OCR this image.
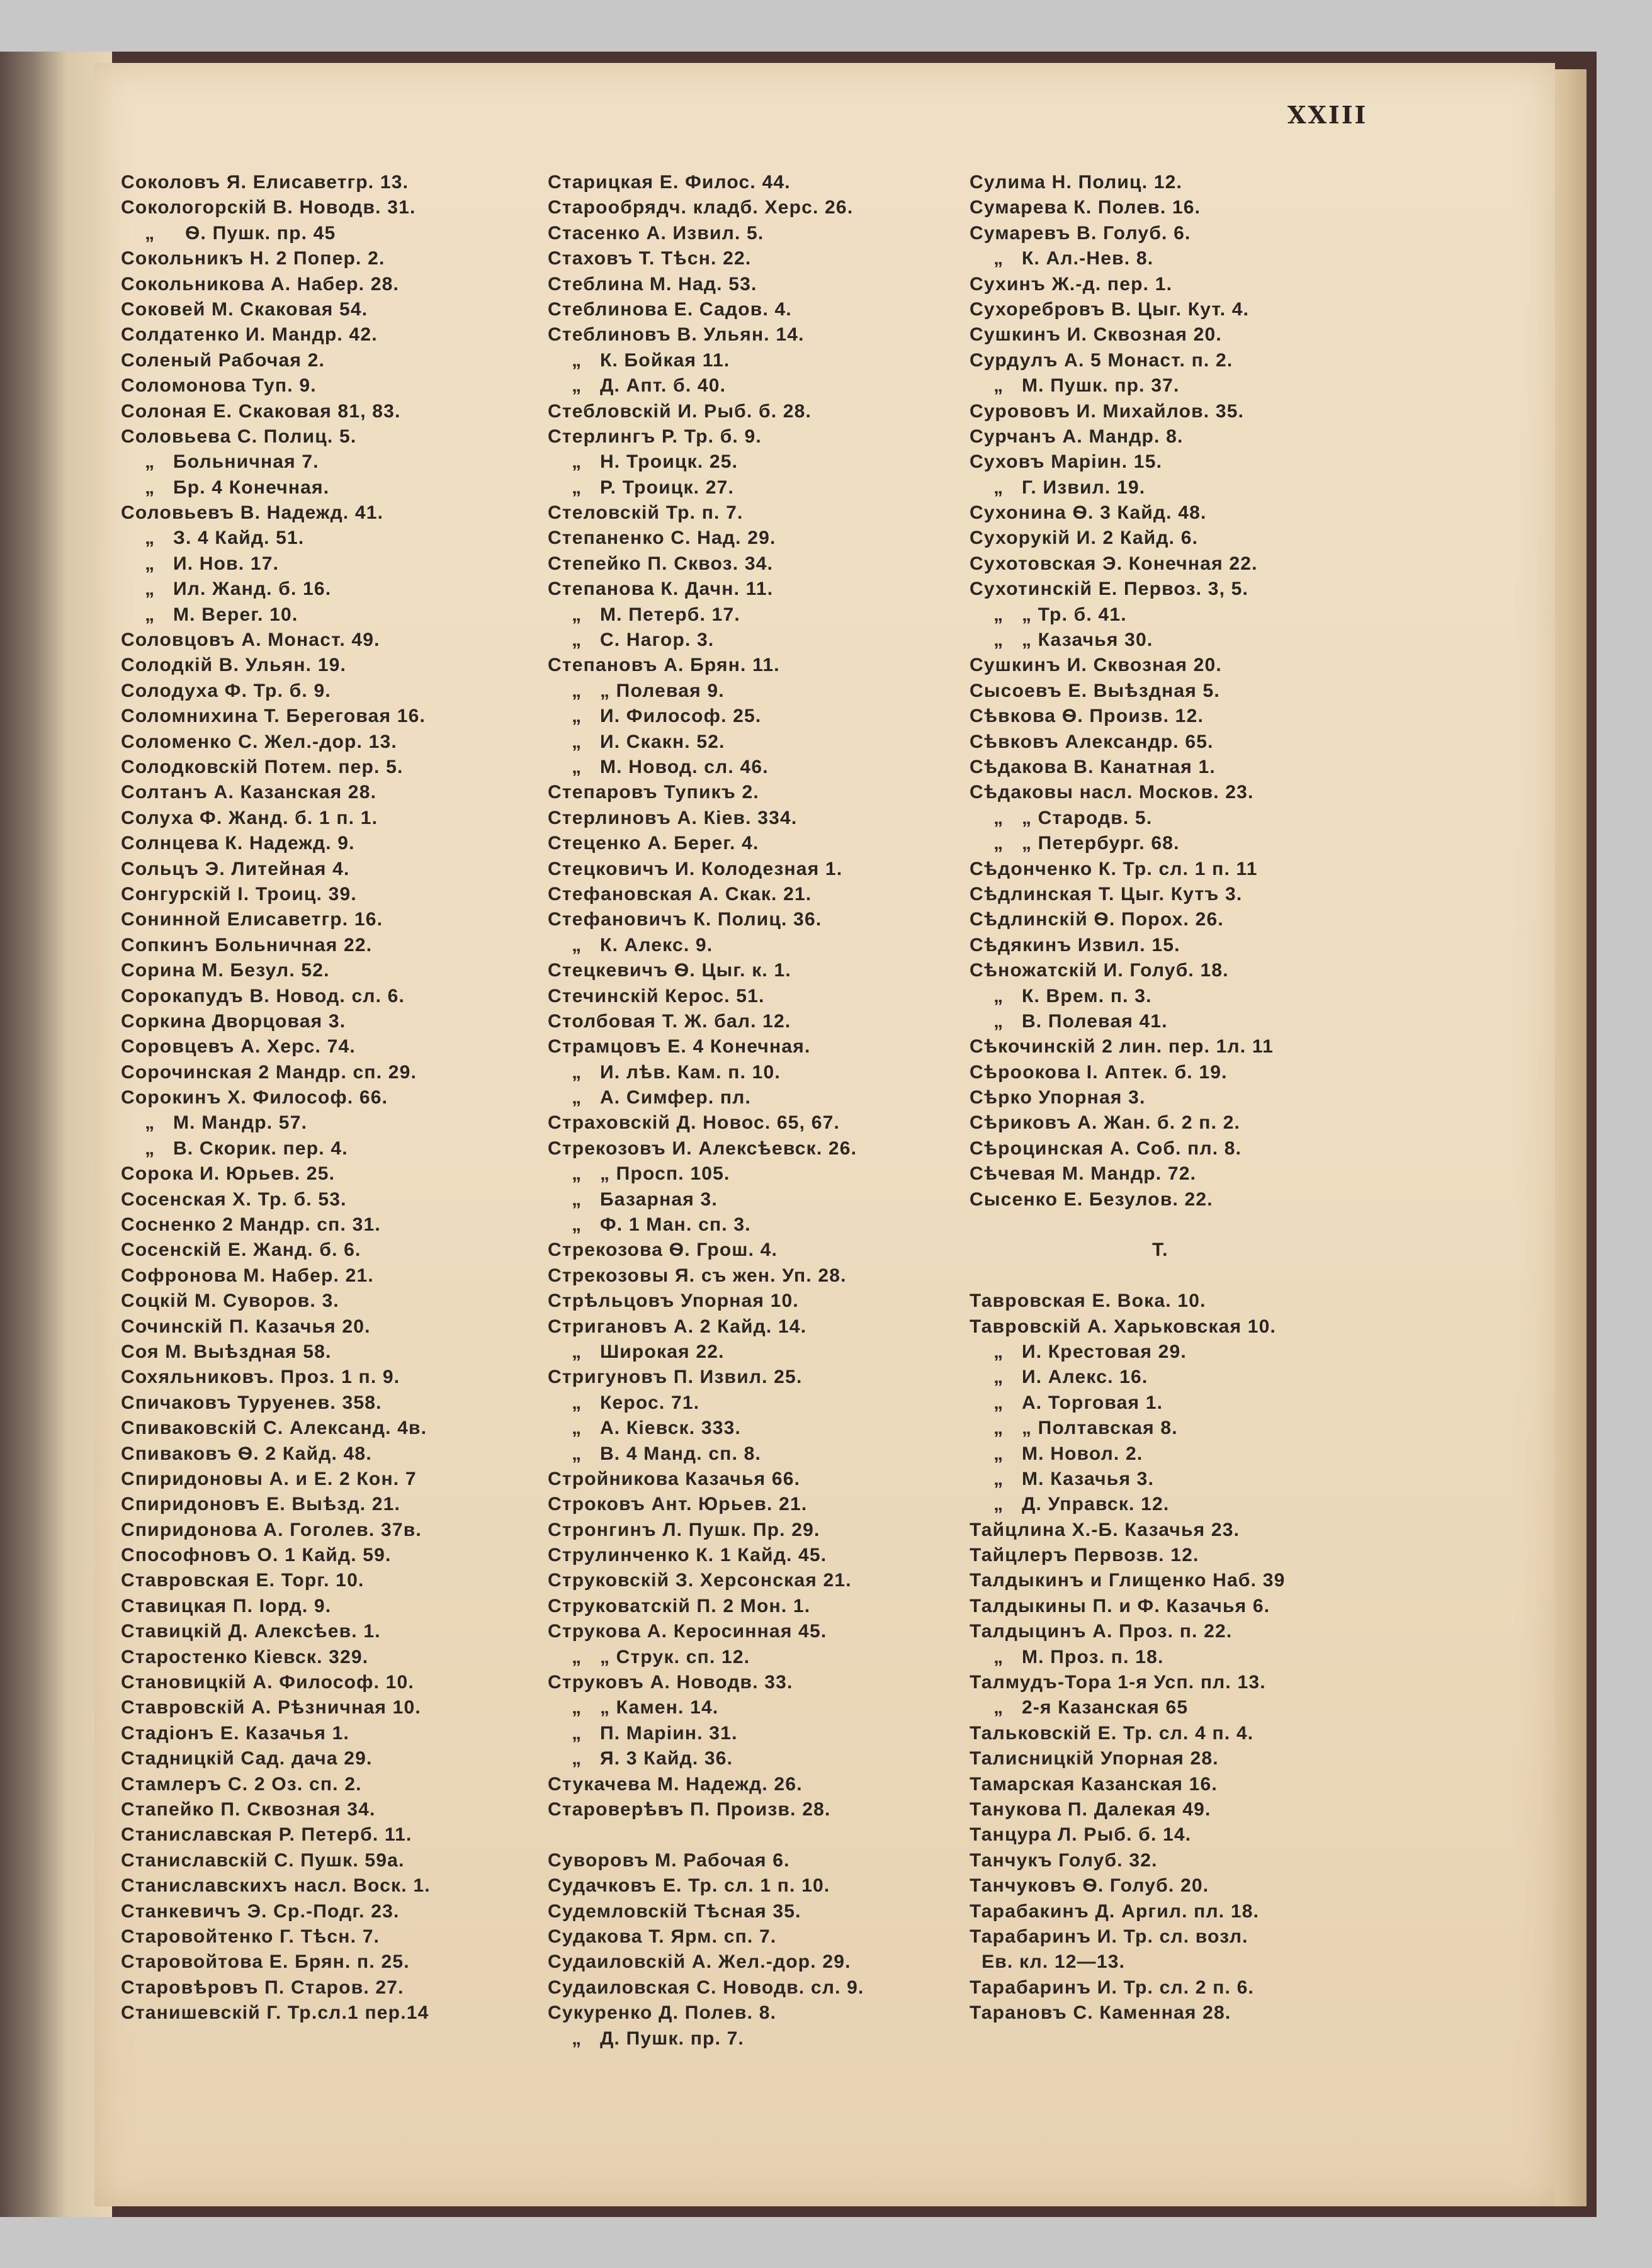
XXIII
Соколовъ Я. Елисаветгр. 13.
Сокологорскій В. Новодв. 31.
„     Ѳ. Пушк. пр. 45
Сокольникъ Н. 2 Попер. 2.
Сокольникова А. Набер. 28.
Соковей М. Скаковая 54.
Солдатенко И. Мандр. 42.
Соленый Рабочая 2.
Соломонова Туп. 9.
Солоная Е. Скаковая 81, 83.
Соловьева С. Полиц. 5.
„   Больничная 7.
„   Бр. 4 Конечная.
Соловьевъ В. Надежд. 41.
„   З. 4 Кайд. 51.
„   И. Нов. 17.
„   Ил. Жанд. б. 16.
„   М. Верег. 10.
Соловцовъ А. Монаст. 49.
Солодкій В. Ульян. 19.
Солодуха Ф. Тр. б. 9.
Соломнихина Т. Береговая 16.
Соломенко С. Жел.-дор. 13.
Солодковскій Потем. пер. 5.
Солтанъ А. Казанская 28.
Солуха Ф. Жанд. б. 1 п. 1.
Солнцева К. Надежд. 9.
Сольцъ Э. Литейная 4.
Сонгурскій І. Троиц. 39.
Сонинной Елисаветгр. 16.
Сопкинъ Больничная 22.
Сорина М. Безул. 52.
Сорокапудъ В. Новод. сл. 6.
Соркина Дворцовая 3.
Соровцевъ А. Херс. 74.
Сорочинская 2 Мандр. сп. 29.
Сорокинъ Х. Философ. 66.
„   М. Мандр. 57.
„   В. Скорик. пер. 4.
Сорока И. Юрьев. 25.
Сосенская Х. Тр. б. 53.
Сосненко 2 Мандр. сп. 31.
Сосенскій Е. Жанд. б. 6.
Софронова М. Набер. 21.
Соцкій М. Суворов. 3.
Сочинскій П. Казачья 20.
Соя М. Выѣздная 58.
Сохяльниковъ. Проз. 1 п. 9.
Спичаковъ Туруенев. 358.
Спиваковскій С. Александ. 4в.
Спиваковъ Ѳ. 2 Кайд. 48.
Спиридоновы А. и Е. 2 Кон. 7
Спиридоновъ Е. Выѣзд. 21.
Спиридонова А. Гоголев. 37в.
Спософновъ О. 1 Кайд. 59.
Ставровская Е. Торг. 10.
Ставицкая П. Іорд. 9.
Ставицкій Д. Алексѣев. 1.
Старостенко Кіевск. 329.
Становицкій А. Философ. 10.
Ставровскій А. Рѣзничная 10.
Стадіонъ Е. Казачья 1.
Стадницкій Сад. дача 29.
Стамлеръ С. 2 Оз. сп. 2.
Стапейко П. Сквозная 34.
Станиславская Р. Петерб. 11.
Станиславскій С. Пушк. 59а.
Станиславскихъ насл. Воск. 1.
Станкевичъ Э. Ср.-Подг. 23.
Старовойтенко Г. Тѣсн. 7.
Старовойтова Е. Брян. п. 25.
Старовѣровъ П. Старов. 27.
Станишевскій Г. Тр.сл.1 пер.14
Старицкая Е. Филос. 44.
Старообрядч. кладб. Херс. 26.
Стасенко А. Извил. 5.
Стаховъ Т. Тѣсн. 22.
Стеблина М. Над. 53.
Стеблинова Е. Садов. 4.
Стеблиновъ В. Ульян. 14.
„   К. Бойкая 11.
„   Д. Апт. б. 40.
Стебловскій И. Рыб. б. 28.
Стерлингъ Р. Тр. б. 9.
„   Н. Троицк. 25.
„   Р. Троицк. 27.
Стеловскій Тр. п. 7.
Степаненко С. Над. 29.
Степейко П. Сквоз. 34.
Степанова К. Дачн. 11.
„   М. Петерб. 17.
„   С. Нагор. 3.
Степановъ А. Брян. 11.
„   „ Полевая 9.
„   И. Философ. 25.
„   И. Скакн. 52.
„   М. Новод. сл. 46.
Степаровъ Тупикъ 2.
Стерлиновъ А. Кіев. 334.
Стеценко А. Берег. 4.
Стецковичъ И. Колодезная 1.
Стефановская А. Скак. 21.
Стефановичъ К. Полиц. 36.
„   К. Алекс. 9.
Стецкевичъ Ѳ. Цыг. к. 1.
Стечинскій Керос. 51.
Столбовая Т. Ж. бал. 12.
Страмцовъ Е. 4 Конечная.
„   И. лѣв. Кам. п. 10.
„   А. Симфер. пл.
Страховскій Д. Новос. 65, 67.
Стрекозовъ И. Алексѣевск. 26.
„   „ Просп. 105.
„   Базарная 3.
„   Ф. 1 Ман. сп. 3.
Стрекозова Ѳ. Грош. 4.
Стрекозовы Я. съ жен. Уп. 28.
Стрѣльцовъ Упорная 10.
Стригановъ А. 2 Кайд. 14.
„   Широкая 22.
Стригуновъ П. Извил. 25.
„   Керос. 71.
„   А. Кіевск. 333.
„   В. 4 Манд. сп. 8.
Стройникова Казачья 66.
Строковъ Ант. Юрьев. 21.
Стронгинъ Л. Пушк. Пр. 29.
Струлинченко К. 1 Кайд. 45.
Струковскій З. Херсонская 21.
Струковатскій П. 2 Мон. 1.
Струкова А. Керосинная 45.
„   „ Струк. сп. 12.
Струковъ А. Новодв. 33.
„   „ Камен. 14.
„   П. Маріин. 31.
„   Я. 3 Кайд. 36.
Стукачева М. Надежд. 26.
Староверѣвъ П. Произв. 28.
Суворовъ М. Рабочая 6.
Судачковъ Е. Тр. сл. 1 п. 10.
Судемловскій Тѣсная 35.
Судакова Т. Ярм. сп. 7.
Судаиловскій А. Жел.-дор. 29.
Судаиловская С. Новодв. сл. 9.
Сукуренко Д. Полев. 8.
„   Д. Пушк. пр. 7.
Сулима Н. Полиц. 12.
Сумарева К. Полев. 16.
Сумаревъ В. Голуб. 6.
„   К. Ал.-Нев. 8.
Сухинъ Ж.-д. пер. 1.
Сухоребровъ В. Цыг. Кут. 4.
Сушкинъ И. Сквозная 20.
Сурдулъ А. 5 Монаст. п. 2.
„   М. Пушк. пр. 37.
Сурововъ И. Михайлов. 35.
Сурчанъ А. Мандр. 8.
Суховъ Маріин. 15.
„   Г. Извил. 19.
Сухонина Ѳ. 3 Кайд. 48.
Сухорукій И. 2 Кайд. 6.
Сухотовская Э. Конечная 22.
Сухотинскій Е. Первоз. 3, 5.
„   „ Тр. б. 41.
„   „ Казачья 30.
Сушкинъ И. Сквозная 20.
Сысоевъ Е. Выѣздная 5.
Сѣвкова Ѳ. Произв. 12.
Сѣвковъ Александр. 65.
Сѣдакова В. Канатная 1.
Сѣдаковы насл. Москов. 23.
„   „ Стародв. 5.
„   „ Петербург. 68.
Сѣдонченко К. Тр. сл. 1 п. 11
Сѣдлинская Т. Цыг. Кутъ 3.
Сѣдлинскій Ѳ. Порох. 26.
Сѣдякинъ Извил. 15.
Сѣножатскій И. Голуб. 18.
„   К. Врем. п. 3.
„   В. Полевая 41.
Сѣкочинскій 2 лин. пер. 1л. 11
Сѣроокова І. Аптек. б. 19.
Сѣрко Упорная 3.
Сѣриковъ А. Жан. б. 2 п. 2.
Сѣроцинская А. Соб. пл. 8.
Сѣчевая М. Мандр. 72.
Сысенко Е. Безулов. 22.
Т.
Тавровская Е. Вока. 10.
Тавровскій А. Харьковская 10.
„   И. Крестовая 29.
„   И. Алекс. 16.
„   А. Торговая 1.
„   „ Полтавская 8.
„   М. Новол. 2.
„   М. Казачья 3.
„   Д. Управск. 12.
Тайцлина Х.-Б. Казачья 23.
Тайцлеръ Первозв. 12.
Талдыкинъ и Глищенко Наб. 39
Талдыкины П. и Ф. Казачья 6.
Талдыцинъ А. Проз. п. 22.
„   М. Проз. п. 18.
Талмудъ-Тора 1-я Усп. пл. 13.
„   2-я Казанская 65
Тальковскій Е. Тр. сл. 4 п. 4.
Талисницкій Упорная 28.
Тамарская Казанская 16.
Танукова П. Далекая 49.
Танцура Л. Рыб. б. 14.
Танчукъ Голуб. 32.
Танчуковъ Ѳ. Голуб. 20.
Тарабакинъ Д. Аргил. пл. 18.
Тарабаринъ И. Тр. сл. возл.
Ев. кл. 12—13.
Тарабаринъ И. Тр. сл. 2 п. 6.
Тарановъ С. Каменная 28.
